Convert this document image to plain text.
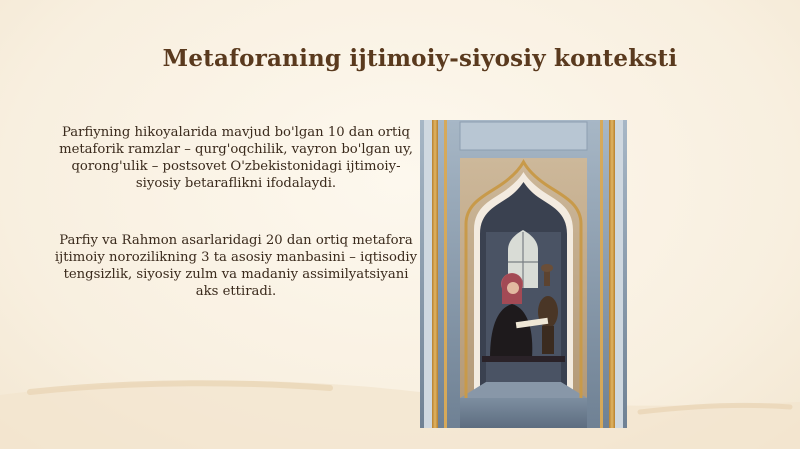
Metaforaning ijtimoiy-siyosiy konteksti

Parfiyning hikoyalarida mavjud bo'lgan 10 dan ortiq metaforik ramzlar – qurg'oqchilik, vayron bo'lgan uy, qorong'ulik – postsovet O'zbekistonidagi ijtimoiy-siyosiy betaraflikni ifodalaydi.

Parfiy va Rahmon asarlaridagi 20 dan ortiq metafora ijtimoiy norozilikning 3 ta asosiy manbasini – iqtisodiy tengsizlik, siyosiy zulm va madaniy assimilyatsiyani aks ettiradi.
